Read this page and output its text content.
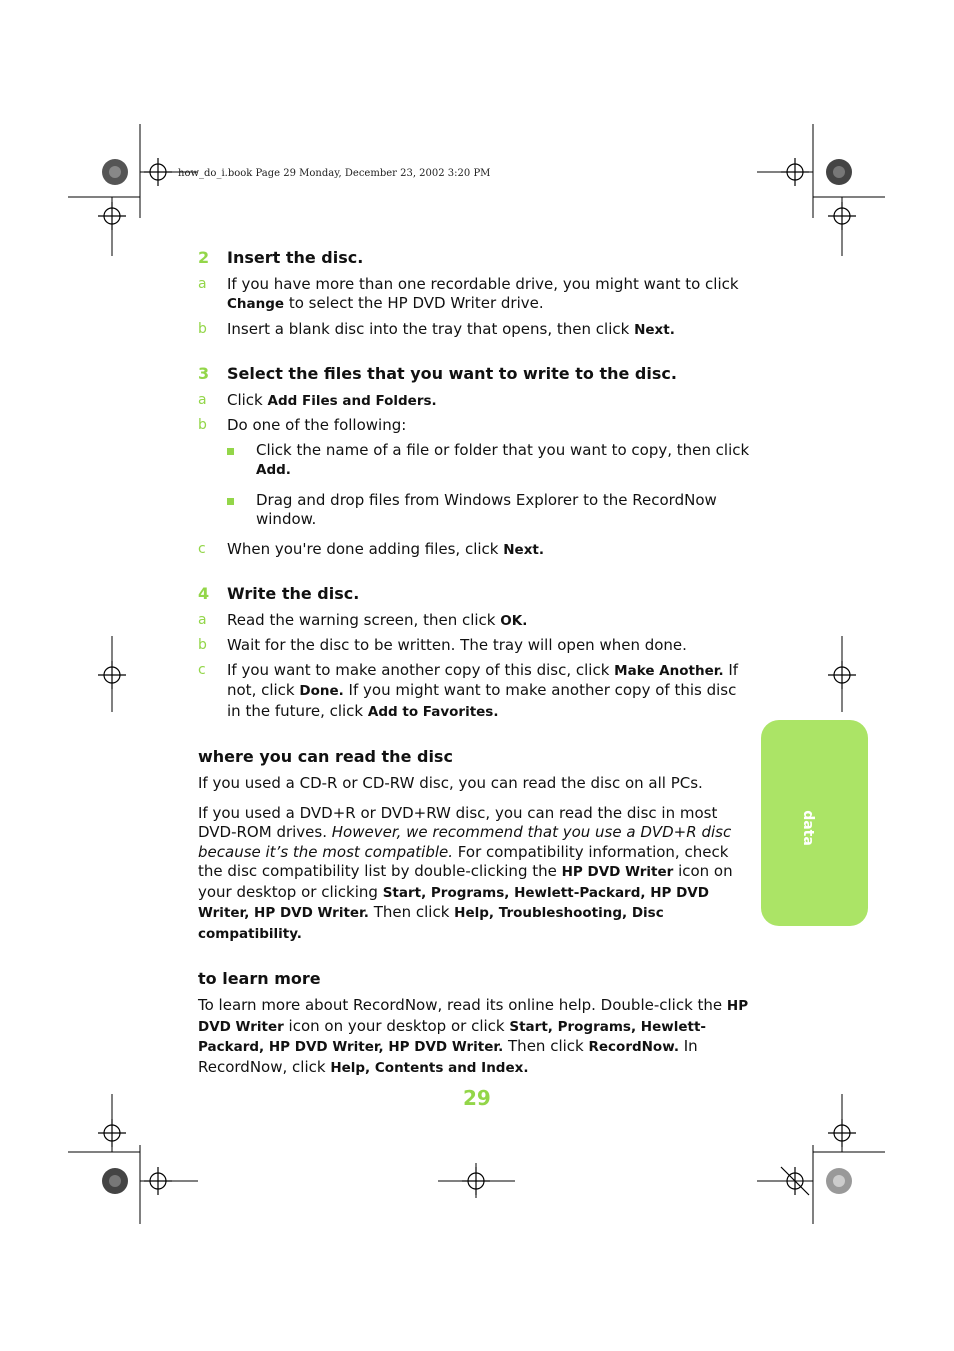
how_do_i.book Page 29 Monday, December 23, 2002 3:20 PM
2 Insert the disc.
a If you have more than one recordable drive, you might want to click Change to select the HP DVD Writer drive.
b Insert a blank disc into the tray that opens, then click Next.
3 Select the files that you want to write to the disc.
a Click Add Files and Folders.
b Do one of the following:
Click the name of a file or folder that you want to copy, then click Add.
Drag and drop files from Windows Explorer to the RecordNow window.
c When you're done adding files, click Next.
4 Write the disc.
a Read the warning screen, then click OK.
b Wait for the disc to be written. The tray will open when done.
c If you want to make another copy of this disc, click Make Another. If not, click Done. If you might want to make another copy of this disc in the future, click Add to Favorites.
where you can read the disc

If you used a CD-R or CD-RW disc, you can read the disc on all PCs.

If you used a DVD+R or DVD+RW disc, you can read the disc in most DVD-ROM drives. However, we recommend that you use a DVD+R disc because it’s the most compatible. For compatibility information, check the disc compatibility list by double-clicking the HP DVD Writer icon on your desktop or clicking Start, Programs, Hewlett-Packard, HP DVD Writer, HP DVD Writer. Then click Help, Troubleshooting, Disc compatibility.

to learn more

To learn more about RecordNow, read its online help. Double-click the HP DVD Writer icon on your desktop or click Start, Programs, Hewlett-Packard, HP DVD Writer, HP DVD Writer. Then click RecordNow. In RecordNow, click Help, Contents and Index.

data
29
